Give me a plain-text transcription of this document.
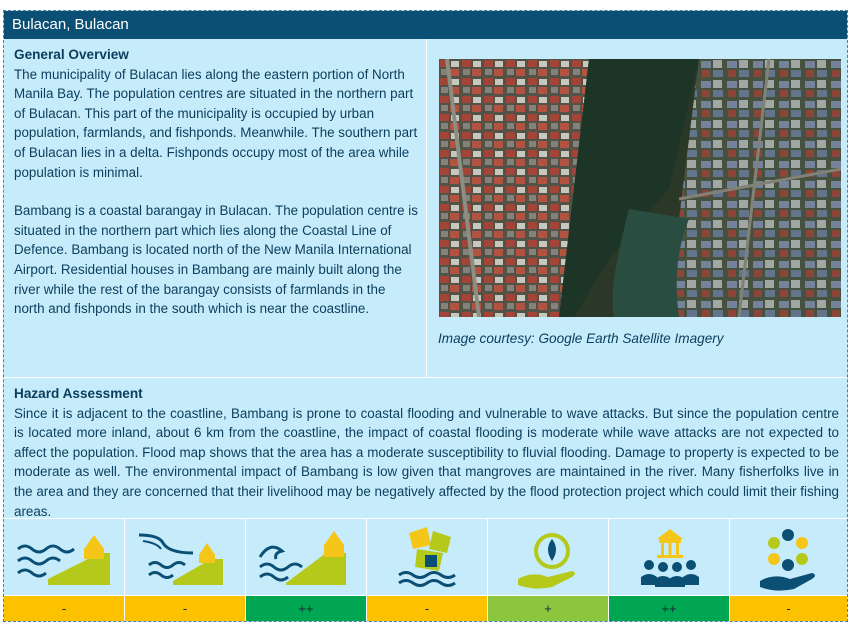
Bulacan, Bulacan
General Overview

The municipality of Bulacan lies along the eastern portion of North Manila Bay. The population centres are situated in the northern part of Bulacan. This part of the municipality is occupied by urban population, farmlands, and fishponds. Meanwhile. The southern part of Bulacan lies in a delta. Fishponds occupy most of the area while population is minimal.

Bambang is a coastal barangay in Bulacan. The population centre is situated in the northern part which lies along the Coastal Line of Defence. Bambang is located north of the New Manila International Airport. Residential houses in Bambang are mainly built along the river while the rest of the barangay consists of farmlands in the north and fishponds in the south which is near the coastline.

Image courtesy: Google Earth Satellite Imagery
Hazard Assessment

Since it is adjacent to the coastline, Bambang is prone to coastal flooding and vulnerable to wave attacks. But since the population centre is located more inland, about 6 km from the coastline, the impact of coastal flooding is moderate while wave attacks are not expected to affect the population. Flood map shows that the area has a moderate susceptibility to fluvial flooding. Damage to property is expected to be moderate as well. The environmental impact of Bambang is low given that mangroves are maintained in the river. Many fisherfolks live in the area and they are concerned that their livelihood may be negatively affected by the flood protection project which could limit their fishing areas.

-	-	++	-	+	++	-
